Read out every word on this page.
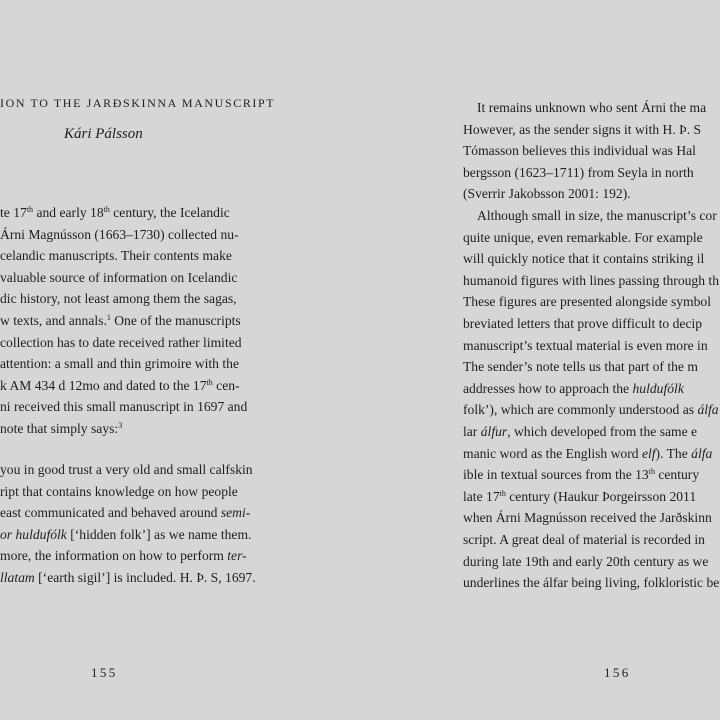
ION TO THE JARÐSKINNA MANUSCRIPT
Kári Pálsson
te 17th and early 18th century, the Icelandic
Árni Magnússon (1663–1730) collected nu-
celandic manuscripts. Their contents make
valuable source of information on Icelandic
dic history, not least among them the sagas,
w texts, and annals.$^1$ One of the manuscripts
collection has to date received rather limited
attention: a small and thin grimoire with the
k AM 434 d 12mo and dated to the 17th cen-
ni received this small manuscript in 1697 and
note that simply says:$^3$
you in good trust a very old and small calfskin
ript that contains knowledge on how people
east communicated and behaved around semi-
or huldufólk [‘hidden folk’] as we name them.
more, the information on how to perform ter-
llatam [‘earth sigil’] is included. H. Þ. S, 1697.
155
It remains unknown who sent Árni the ma
However, as the sender signs it with H. Þ. S
Tómasson believes this individual was Hal
bergsson (1623–1711) from Seyla in north
(Sverrir Jakobsson 2001: 192).
Although small in size, the manuscript’s cor
quite unique, even remarkable. For example
will quickly notice that it contains striking il
humanoid figures with lines passing through th
These figures are presented alongside symbol
breviated letters that prove difficult to decip
manuscript’s textual material is even more in
The sender’s note tells us that part of the m
addresses how to approach the huldufólk
folk’), which are commonly understood as álfa
lar álfur, which developed from the same e
manic word as the English word elf). The álfa
ible in textual sources from the 13th century
late 17th century (Haukur Þorgeirsson 2011
when Árni Magnússon received the Jarðskinn
script. A great deal of material is recorded in
during late 19th and early 20th century as we
underlines the álfar being living, folkloristic be
156
